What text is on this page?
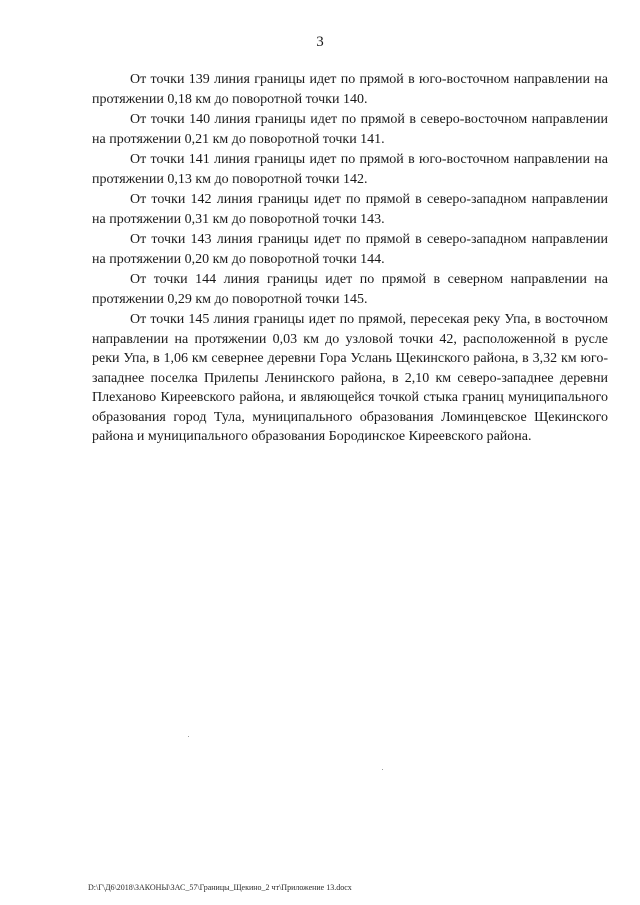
3

От точки 139 линия границы идет по прямой в юго-восточном направлении на протяжении 0,18 км до поворотной точки 140.

От точки 140 линия границы идет по прямой в северо-восточном направлении на протяжении 0,21 км до поворотной точки 141.

От точки 141 линия границы идет по прямой в юго-восточном направлении на протяжении 0,13 км до поворотной точки 142.

От точки 142 линия границы идет по прямой в северо-западном направлении на протяжении 0,31 км до поворотной точки 143.

От точки 143 линия границы идет по прямой в северо-западном направлении на протяжении 0,20 км до поворотной точки 144.

От точки 144 линия границы идет по прямой в северном направлении на протяжении 0,29 км до поворотной точки 145.

От точки 145 линия границы идет по прямой, пересекая реку Упа, в восточном направлении на протяжении 0,03 км до узловой точки 42, расположенной в русле реки Упа, в 1,06 км севернее деревни Гора Услань Щекинского района, в 3,32 км юго-западнее поселка Прилепы Ленинского района, в 2,10 км северо-западнее деревни Плеханово Киреевского района, и являющейся точкой стыка границ муниципального образования город Тула, муниципального образования Ломинцевское Щекинского района и муниципального образования Бородинское Киреевского района.

D:\Г\Д6\2018\ЗАКОНЫ\ЗАС_57\Границы_Щекино_2 чт\Приложение 13.docx
